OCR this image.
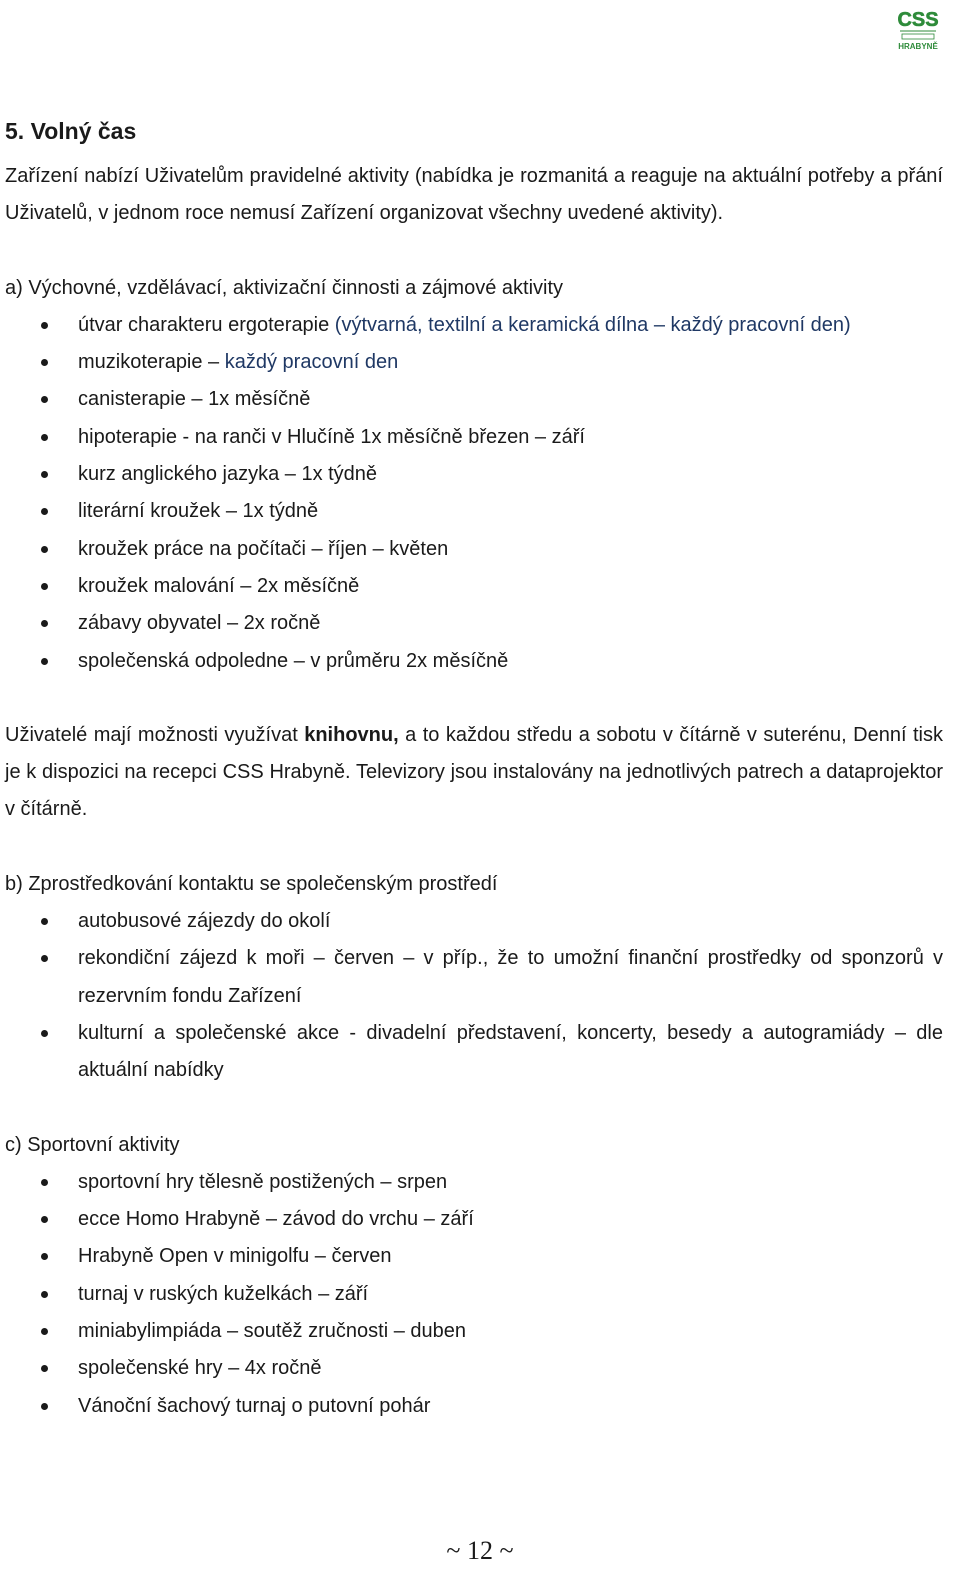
CSS
HRABYNĚ
5. Volný čas

Zařízení nabízí Uživatelům pravidelné aktivity (nabídka je rozmanitá a reaguje na aktuální potřeby a přání Uživatelů, v jednom roce nemusí Zařízení organizovat všechny uvedené aktivity).

a) Výchovné, vzdělávací, aktivizační činnosti a zájmové aktivity
útvar charakteru ergoterapie (výtvarná, textilní a keramická dílna – každý pracovní den)
muzikoterapie – každý pracovní den
canisterapie – 1x měsíčně
hipoterapie - na ranči v Hlučíně 1x měsíčně březen – září
kurz anglického jazyka – 1x týdně
literární kroužek – 1x týdně
kroužek práce na počítači – říjen – květen
kroužek malování – 2x měsíčně
zábavy obyvatel – 2x ročně
společenská odpoledne – v průměru 2x měsíčně

Uživatelé mají možnosti využívat knihovnu, a to každou středu a sobotu v čítárně v suterénu, Denní tisk je k dispozici na recepci CSS Hrabyně. Televizory jsou instalovány na jednotlivých patrech a dataprojektor v čítárně.

b) Zprostředkování kontaktu se společenským prostředí
autobusové zájezdy do okolí
rekondiční zájezd k moři – červen – v příp., že to umožní finanční prostředky od sponzorů v rezervním fondu Zařízení
kulturní a společenské akce - divadelní představení, koncerty, besedy a autogramiády – dle aktuální nabídky
c) Sportovní aktivity
sportovní hry tělesně postižených – srpen
ecce Homo Hrabyně – závod do vrchu – září
Hrabyně Open v minigolfu – červen
turnaj v ruských kuželkách – září
miniabylimpiáda – soutěž zručnosti – duben
společenské hry – 4x ročně
Vánoční šachový turnaj o putovní pohár
~ 12 ~
